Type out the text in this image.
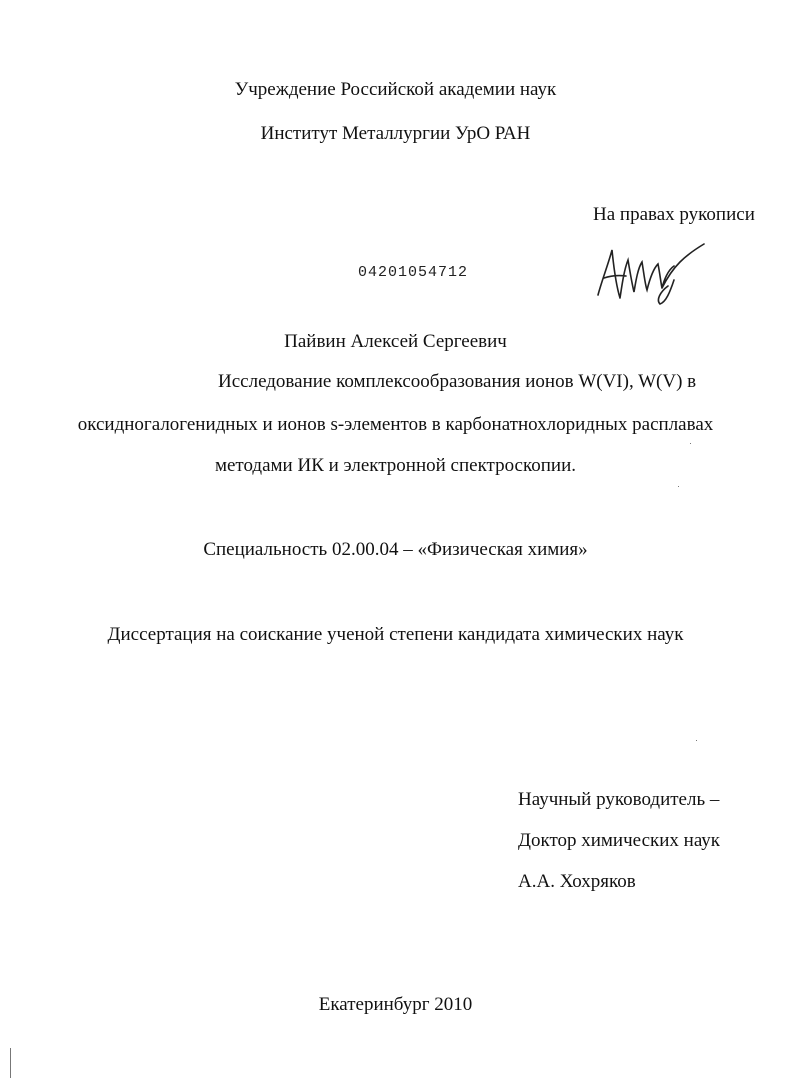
Учреждение Российской академии наук
Институт Металлургии УрО РАН
На правах рукописи
04201054712
Пайвин Алексей Сергеевич
Исследование комплексообразования ионов W(VI), W(V) в
оксидногалогенидных и ионов s-элементов в карбонатнохлоридных расплавах
методами ИК и электронной спектроскопии.
Специальность 02.00.04 – «Физическая химия»
Диссертация на соискание ученой степени кандидата химических наук
Научный руководитель –
Доктор химических наук
А.А. Хохряков
Екатеринбург 2010
